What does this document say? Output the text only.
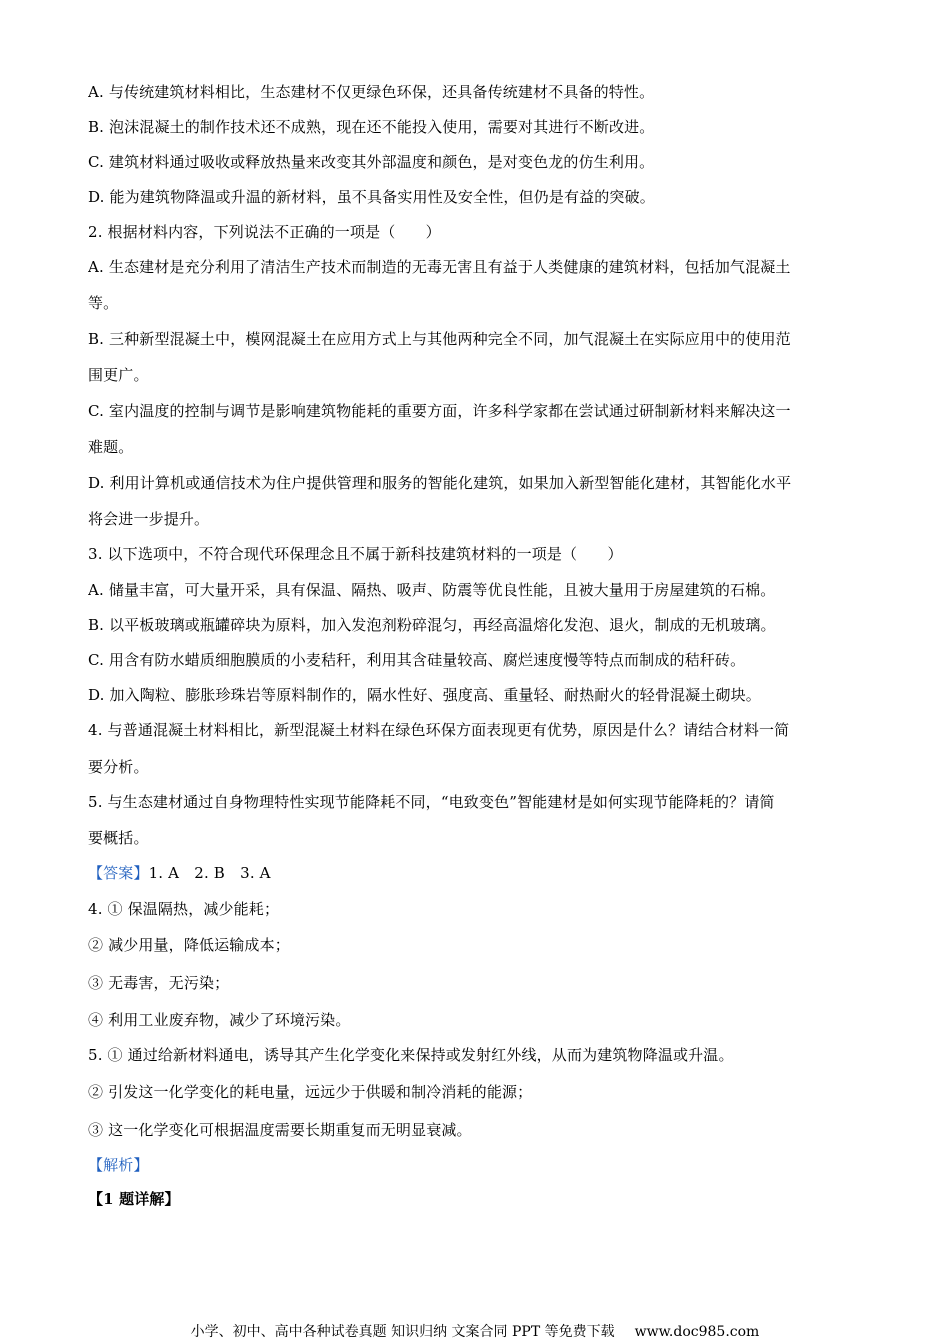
A. 与传统建筑材料相比，生态建材不仅更绿色环保，还具备传统建材不具备的特性。
B. 泡沫混凝土的制作技术还不成熟，现在还不能投入使用，需要对其进行不断改进。
C. 建筑材料通过吸收或释放热量来改变其外部温度和颜色，是对变色龙的仿生利用。
D. 能为建筑物降温或升温的新材料，虽不具备实用性及安全性，但仍是有益的突破。
2. 根据材料内容，下列说法不正确的一项是（　　）
A. 生态建材是充分利用了清洁生产技术而制造的无毒无害且有益于人类健康的建筑材料，包括加气混凝土
等。
B. 三种新型混凝土中，模网混凝土在应用方式上与其他两种完全不同，加气混凝土在实际应用中的使用范
围更广。
C. 室内温度的控制与调节是影响建筑物能耗的重要方面，许多科学家都在尝试通过研制新材料来解决这一
难题。
D. 利用计算机或通信技术为住户提供管理和服务的智能化建筑，如果加入新型智能化建材，其智能化水平
将会进一步提升。
3. 以下选项中，不符合现代环保理念且不属于新科技建筑材料的一项是（　　）
A. 储量丰富，可大量开采，具有保温、隔热、吸声、防震等优良性能，且被大量用于房屋建筑的石棉。
B. 以平板玻璃或瓶罐碎块为原料，加入发泡剂粉碎混匀，再经高温熔化发泡、退火，制成的无机玻璃。
C. 用含有防水蜡质细胞膜质的小麦秸秆，利用其含硅量较高、腐烂速度慢等特点而制成的秸秆砖。
D. 加入陶粒、膨胀珍珠岩等原料制作的，隔水性好、强度高、重量轻、耐热耐火的轻骨混凝土砌块。
4. 与普通混凝土材料相比，新型混凝土材料在绿色环保方面表现更有优势，原因是什么？请结合材料一简
要分析。
5. 与生态建材通过自身物理特性实现节能降耗不同，“电致变色”智能建材是如何实现节能降耗的？请简
要概括。
【答案】1. A　2. B　3. A
4. ① 保温隔热，减少能耗；
② 减少用量，降低运输成本；
③ 无毒害，无污染；
④ 利用工业废弃物，减少了环境污染。
5. ① 通过给新材料通电，诱导其产生化学变化来保持或发射红外线，从而为建筑物降温或升温。
② 引发这一化学变化的耗电量，远远少于供暖和制冷消耗的能源；
③ 这一化学变化可根据温度需要长期重复而无明显衰减。
【解析】
【1 题详解】
小学、初中、高中各种试卷真题 知识归纳 文案合同 PPT 等免费下载 www.doc985.com
